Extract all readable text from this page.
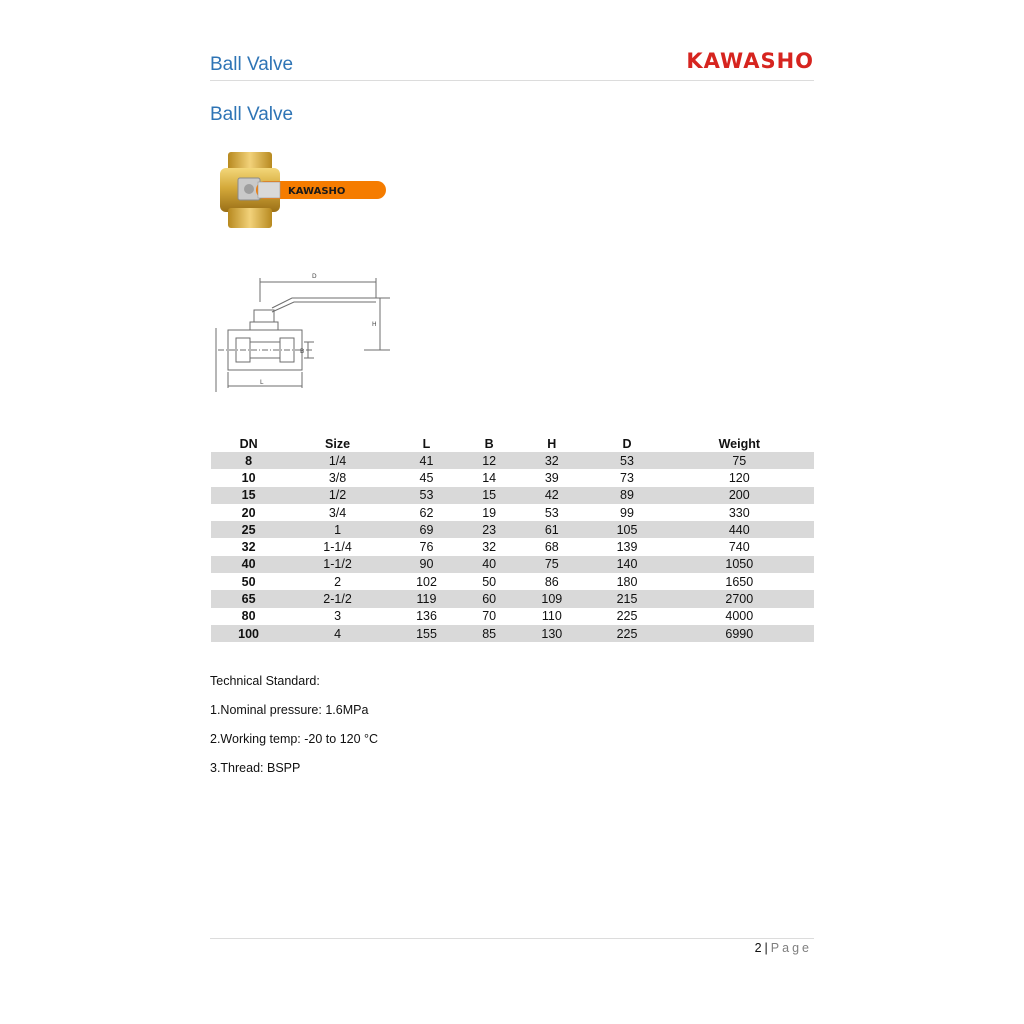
Ball Valve	KAWASHO
Ball Valve
KAWASHO
D
H
B
L
DN	Size	L	B	H	D	Weight
8	1/4	41	12	32	53	75
10	3/8	45	14	39	73	120
15	1/2	53	15	42	89	200
20	3/4	62	19	53	99	330
25	1	69	23	61	105	440
32	1-1/4	76	32	68	139	740
40	1-1/2	90	40	75	140	1050
50	2	102	50	86	180	1650
65	2-1/2	119	60	109	215	2700
80	3	136	70	110	225	4000
100	4	155	85	130	225	6990
Technical Standard:
1.Nominal pressure: 1.6MPa
2.Working temp: -20 to 120 °C
3.Thread: BSPP
2 | Page
